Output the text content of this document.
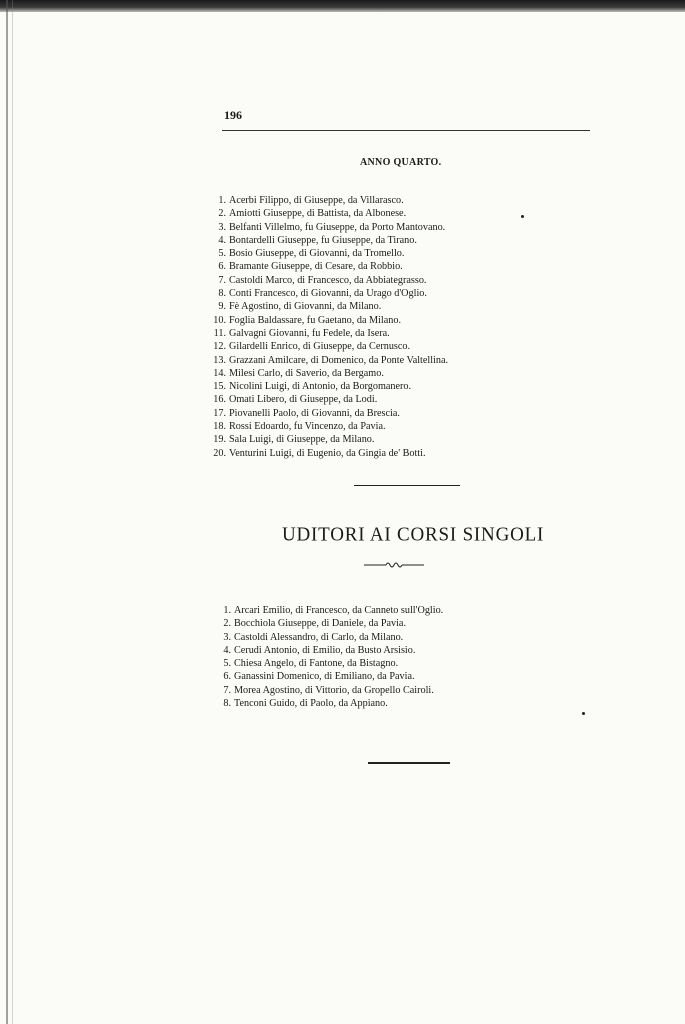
196
ANNO QUARTO.
1. Acerbi Filippo, di Giuseppe, da Villarasco.
2. Amiotti Giuseppe, di Battista, da Albonese.
3. Belfanti Villelmo, fu Giuseppe, da Porto Mantovano.
4. Bontardelli Giuseppe, fu Giuseppe, da Tirano.
5. Bosio Giuseppe, di Giovanni, da Tromello.
6. Bramante Giuseppe, di Cesare, da Robbio.
7. Castoldi Marco, di Francesco, da Abbiategrasso.
8. Conti Francesco, di Giovanni, da Urago d'Oglio.
9. Fè Agostino, di Giovanni, da Milano.
10. Foglia Baldassare, fu Gaetano, da Milano.
11. Galvagni Giovanni, fu Fedele, da Isera.
12. Gilardelli Enrico, di Giuseppe, da Cernusco.
13. Grazzani Amilcare, di Domenico, da Ponte Valtellina.
14. Milesi Carlo, di Saverio, da Bergamo.
15. Nicolini Luigi, di Antonio, da Borgomanero.
16. Omati Libero, di Giuseppe, da Lodi.
17. Piovanelli Paolo, di Giovanni, da Brescia.
18. Rossi Edoardo, fu Vincenzo, da Pavia.
19. Sala Luigi, di Giuseppe, da Milano.
20. Venturini Luigi, di Eugenio, da Gingia de' Botti.
UDITORI AI CORSI SINGOLI
1. Arcari Emilio, di Francesco, da Canneto sull'Oglio.
2. Bocchiola Giuseppe, di Daniele, da Pavia.
3. Castoldi Alessandro, di Carlo, da Milano.
4. Cerudi Antonio, di Emilio, da Busto Arsisio.
5. Chiesa Angelo, di Fantone, da Bistagno.
6. Ganassini Domenico, di Emiliano, da Pavia.
7. Morea Agostino, di Vittorio, da Gropello Cairoli.
8. Tenconi Guido, di Paolo, da Appiano.
